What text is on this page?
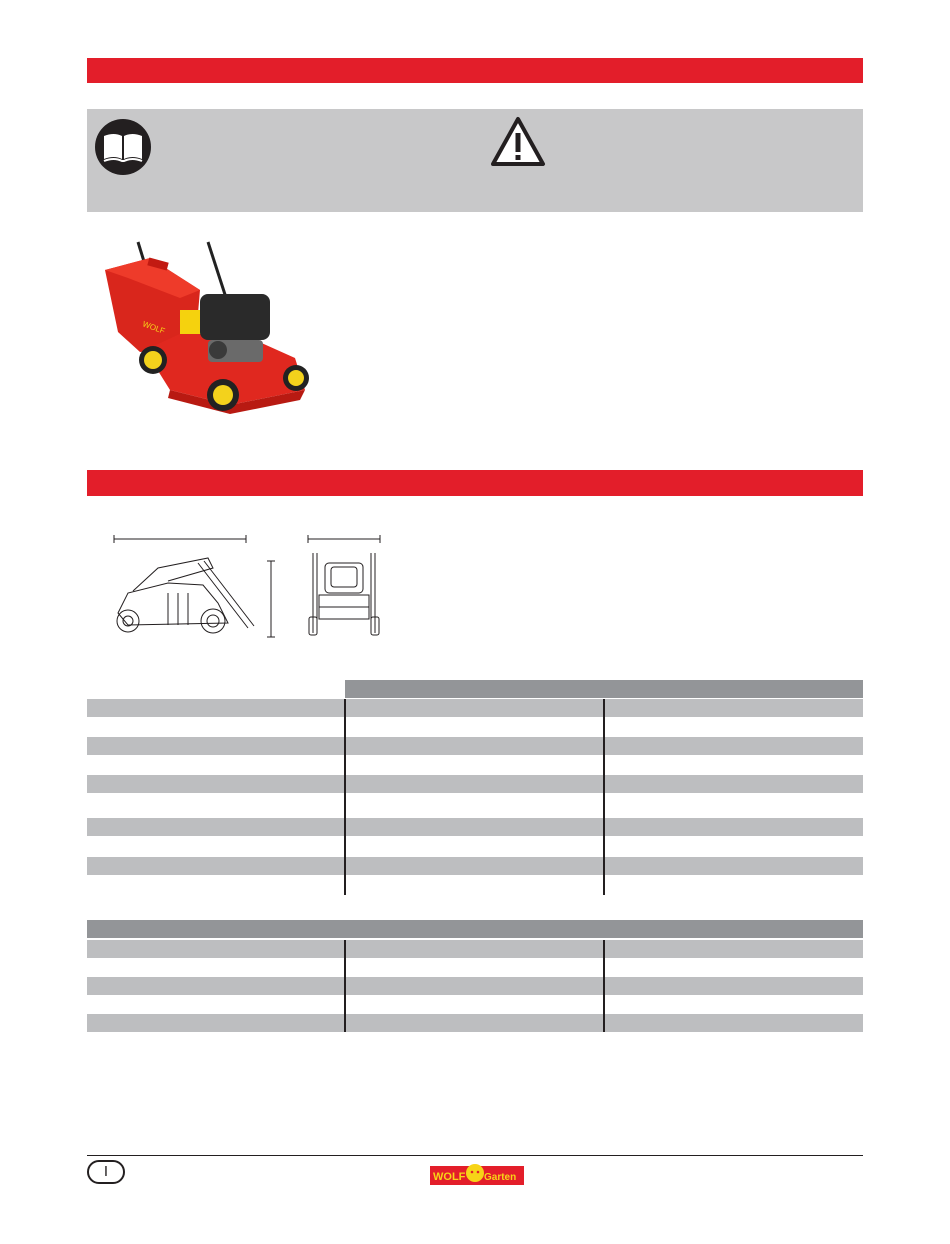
WOLF
I	WOLF Garten
